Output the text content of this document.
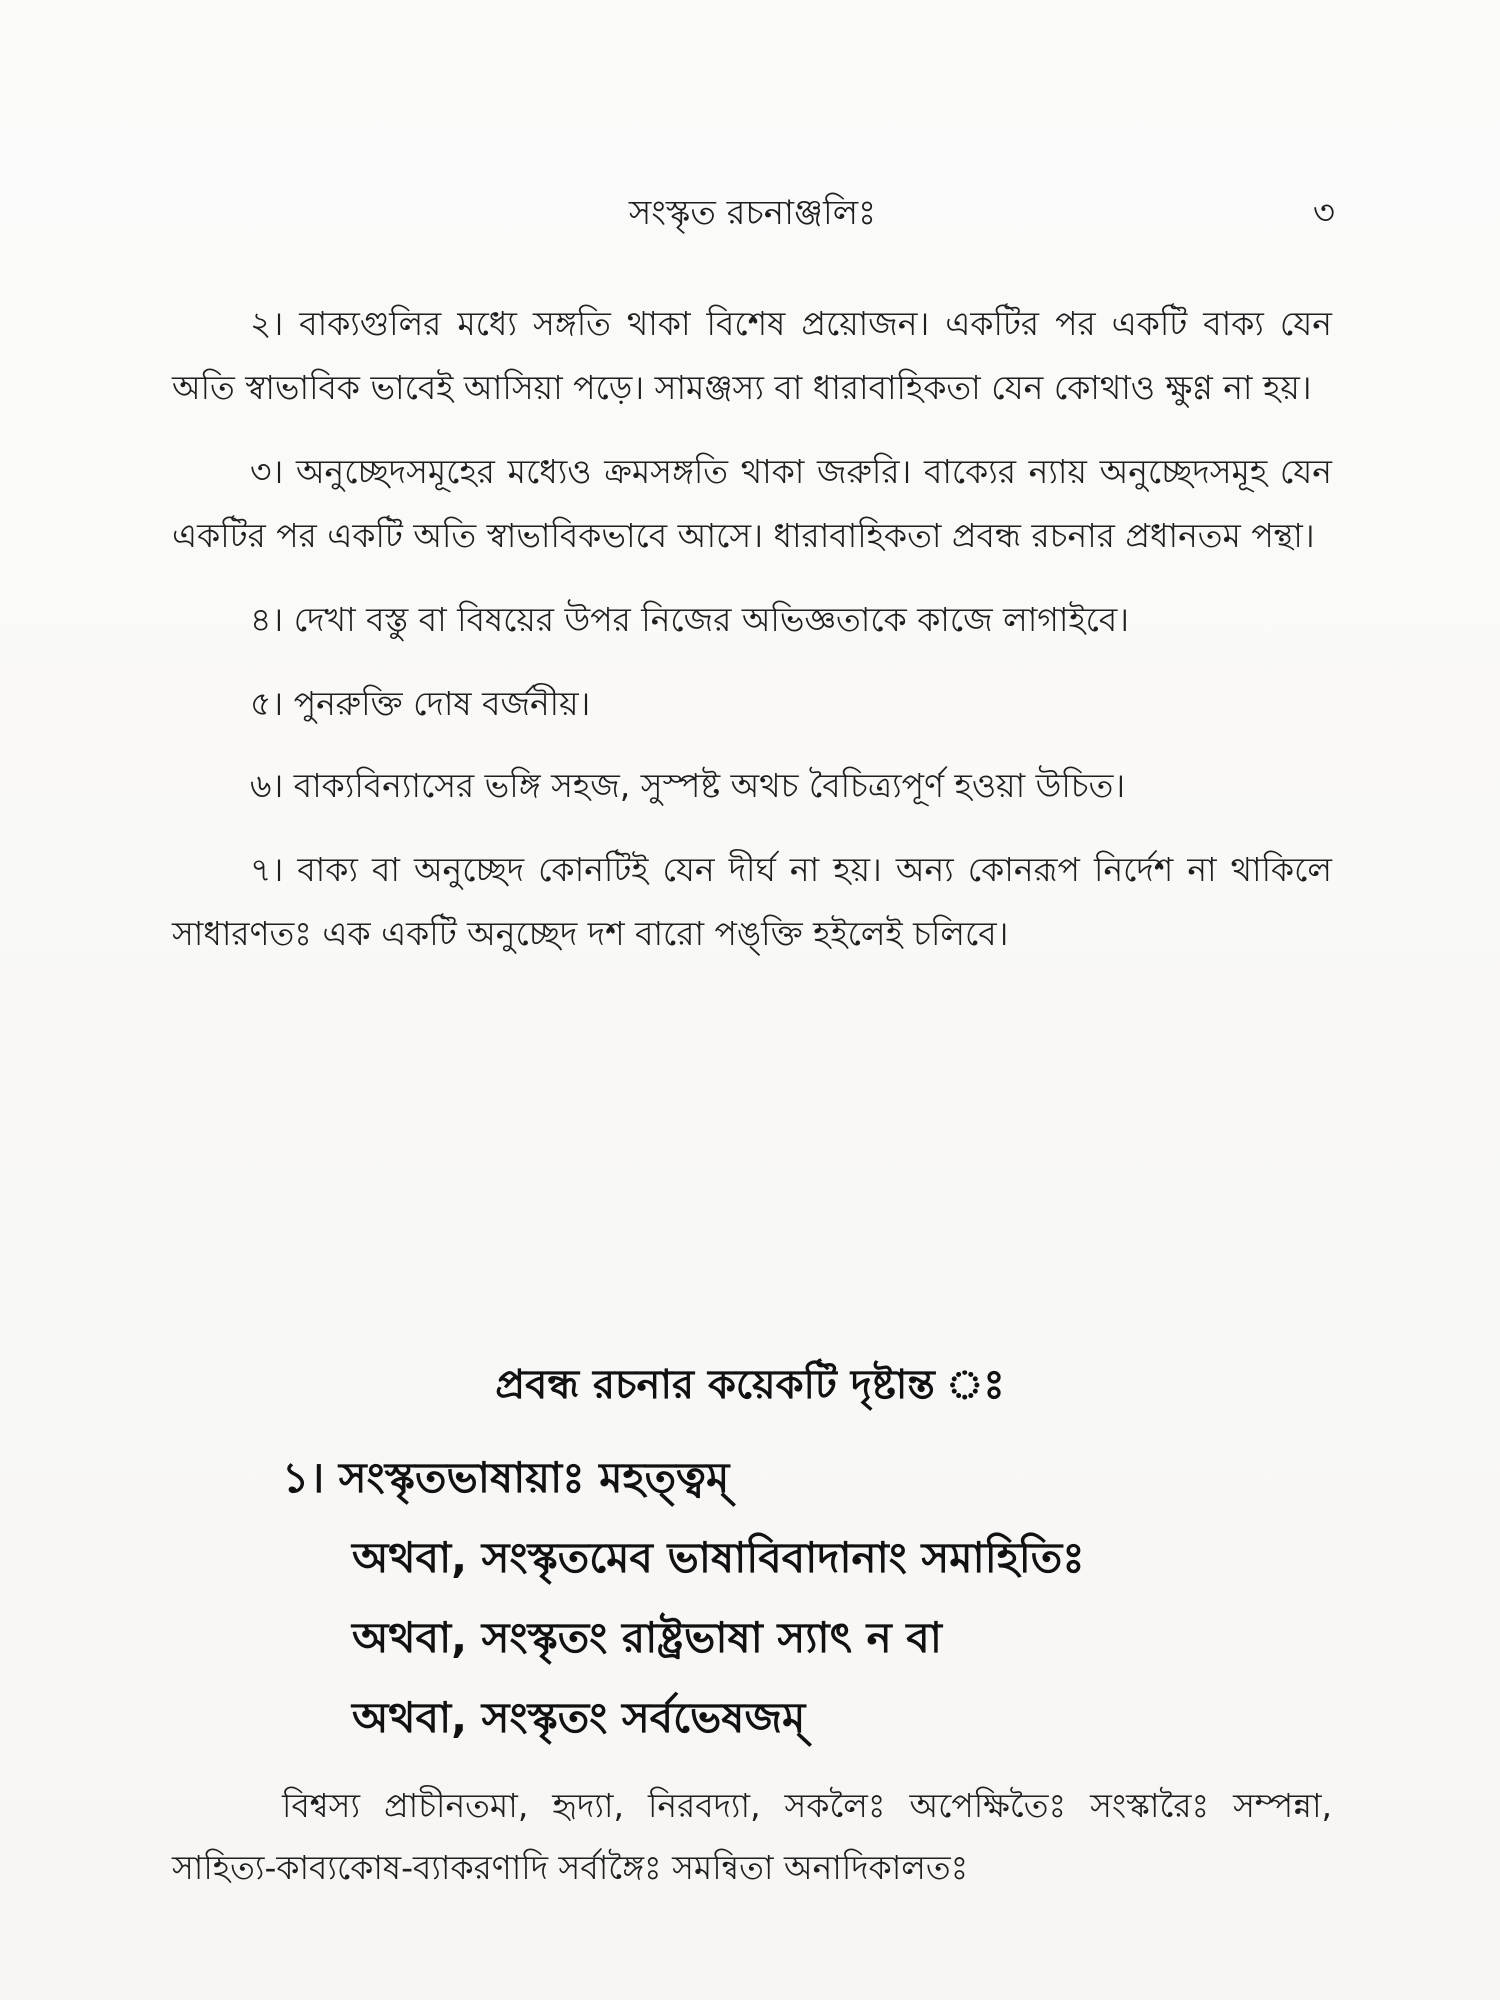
সংস্কৃত রচনাঞ্জলিঃ	৩

২। বাক্যগুলির মধ্যে সঙ্গতি থাকা বিশেষ প্রয়োজন। একটির পর একটি বাক্য যেন অতি স্বাভাবিক ভাবেই আসিয়া পড়ে। সামঞ্জস্য বা ধারাবাহিকতা যেন কোথাও ক্ষুণ্ণ না হয়।

৩। অনুচ্ছেদসমূহের মধ্যেও ক্রমসঙ্গতি থাকা জরুরি। বাক্যের ন্যায় অনুচ্ছেদসমূহ যেন একটির পর একটি অতি স্বাভাবিকভাবে আসে। ধারাবাহিকতা প্রবন্ধ রচনার প্রধানতম পন্থা।

৪। দেখা বস্তু বা বিষয়ের উপর নিজের অভিজ্ঞতাকে কাজে লাগাইবে।

৫। পুনরুক্তি দোষ বর্জনীয়।

৬। বাক্যবিন্যাসের ভঙ্গি সহজ, সুস্পষ্ট অথচ বৈচিত্র্যপূর্ণ হওয়া উচিত।

৭। বাক্য বা অনুচ্ছেদ কোনটিই যেন দীর্ঘ না হয়। অন্য কোনরূপ নির্দেশ না থাকিলে সাধারণতঃ এক একটি অনুচ্ছেদ দশ বারো পঙ্‌ক্তি হইলেই চলিবে।

প্রবন্ধ রচনার কয়েকটি দৃষ্টান্ত ঃ
১। সংস্কৃতভাষায়াঃ মহত্ত্বম্‌
অথবা, সংস্কৃতমেব ভাষাবিবাদানাং সমাহিতিঃ
অথবা, সংস্কৃতং রাষ্ট্রভাষা স্যাৎ ন বা
অথবা, সংস্কৃতং সর্বভেষজম্‌
বিশ্বস্য প্রাচীনতমা, হৃদ্যা, নিরবদ্যা, সকলৈঃ অপেক্ষিতৈঃ সংস্কারৈঃ সম্পন্না, সাহিত্য-কাব্যকোষ-ব্যাকরণাদি সর্বাঙ্গৈঃ সমন্বিতা অনাদিকালতঃ
